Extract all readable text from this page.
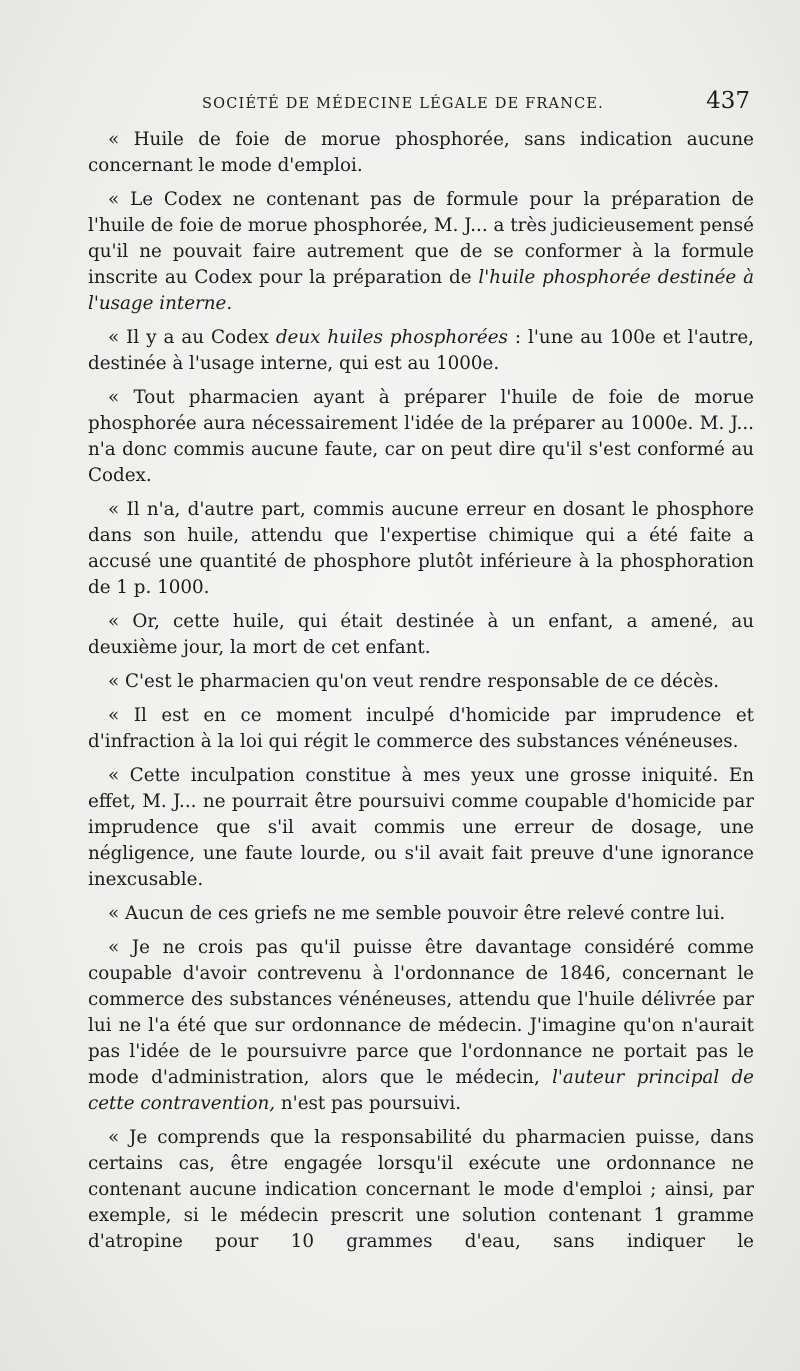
SOCIÉTÉ DE MÉDECINE LÉGALE DE FRANCE.	437

« Huile de foie de morue phosphorée, sans indication aucune concernant le mode d'emploi.

« Le Codex ne contenant pas de formule pour la préparation de l'huile de foie de morue phosphorée, M. J... a très judicieusement pensé qu'il ne pouvait faire autrement que de se conformer à la formule inscrite au Codex pour la préparation de l'huile phosphorée destinée à l'usage interne.

« Il y a au Codex deux huiles phosphorées : l'une au 100e et l'autre, destinée à l'usage interne, qui est au 1000e.

« Tout pharmacien ayant à préparer l'huile de foie de morue phosphorée aura nécessairement l'idée de la préparer au 1000e. M. J... n'a donc commis aucune faute, car on peut dire qu'il s'est conformé au Codex.

« Il n'a, d'autre part, commis aucune erreur en dosant le phosphore dans son huile, attendu que l'expertise chimique qui a été faite a accusé une quantité de phosphore plutôt inférieure à la phosphoration de 1 p. 1000.

« Or, cette huile, qui était destinée à un enfant, a amené, au deuxième jour, la mort de cet enfant.

« C'est le pharmacien qu'on veut rendre responsable de ce décès.

« Il est en ce moment inculpé d'homicide par imprudence et d'infraction à la loi qui régit le commerce des substances vénéneuses.

« Cette inculpation constitue à mes yeux une grosse iniquité. En effet, M. J... ne pourrait être poursuivi comme coupable d'homicide par imprudence que s'il avait commis une erreur de dosage, une négligence, une faute lourde, ou s'il avait fait preuve d'une ignorance inexcusable.

« Aucun de ces griefs ne me semble pouvoir être relevé contre lui.

« Je ne crois pas qu'il puisse être davantage considéré comme coupable d'avoir contrevenu à l'ordonnance de 1846, concernant le commerce des substances vénéneuses, attendu que l'huile délivrée par lui ne l'a été que sur ordonnance de médecin. J'imagine qu'on n'aurait pas l'idée de le poursuivre parce que l'ordonnance ne portait pas le mode d'administration, alors que le médecin, l'auteur principal de cette contravention, n'est pas poursuivi.

« Je comprends que la responsabilité du pharmacien puisse, dans certains cas, être engagée lorsqu'il exécute une ordonnance ne contenant aucune indication concernant le mode d'emploi ; ainsi, par exemple, si le médecin prescrit une solution contenant 1 gramme d'atropine pour 10 grammes d'eau, sans indiquer le
